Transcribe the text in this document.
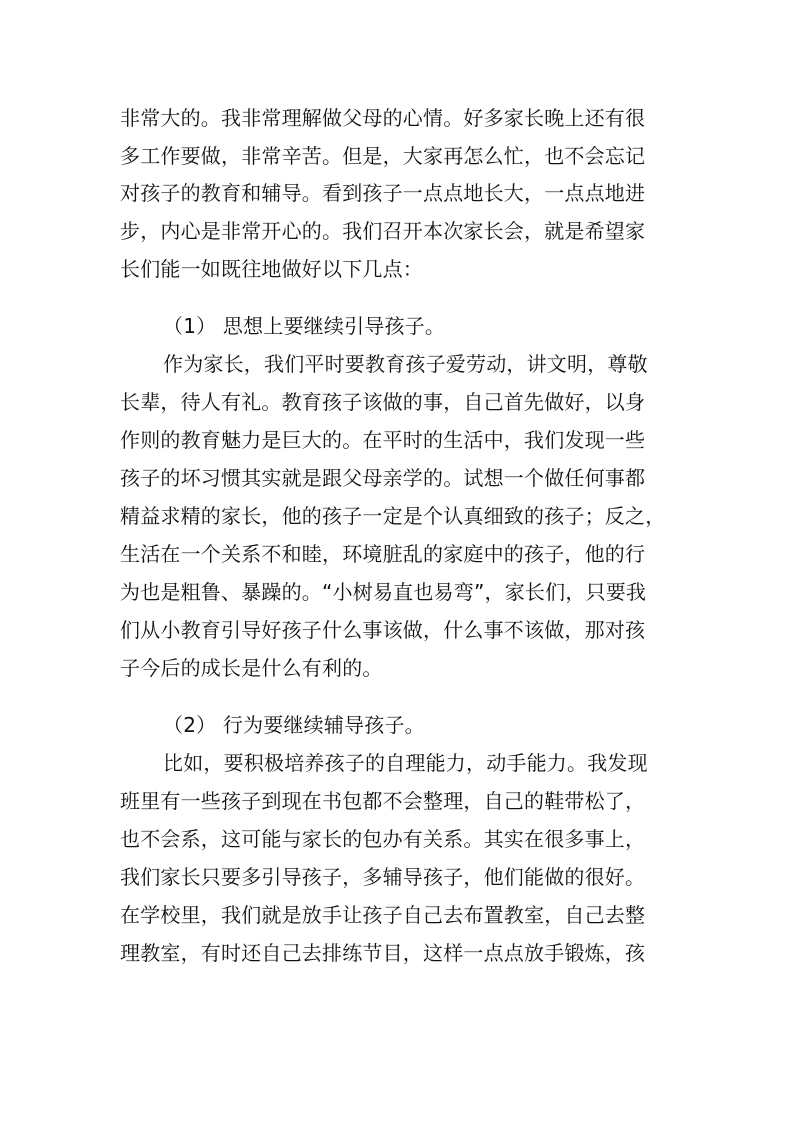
非常大的。我非常理解做父母的心情。好多家长晚上还有很
多工作要做，非常辛苦。但是，大家再怎么忙，也不会忘记
对孩子的教育和辅导。看到孩子一点点地长大，一点点地进
步，内心是非常开心的。我们召开本次家长会，就是希望家
长们能一如既往地做好以下几点：
（1） 思想上要继续引导孩子。
作为家长，我们平时要教育孩子爱劳动，讲文明，尊敬
长辈，待人有礼。教育孩子该做的事，自己首先做好，以身
作则的教育魅力是巨大的。在平时的生活中，我们发现一些
孩子的坏习惯其实就是跟父母亲学的。试想一个做任何事都
精益求精的家长，他的孩子一定是个认真细致的孩子；反之，
生活在一个关系不和睦，环境脏乱的家庭中的孩子，他的行
为也是粗鲁、暴躁的。“小树易直也易弯”，家长们，只要我
们从小教育引导好孩子什么事该做，什么事不该做，那对孩
子今后的成长是什么有利的。
（2） 行为要继续辅导孩子。
比如，要积极培养孩子的自理能力，动手能力。我发现
班里有一些孩子到现在书包都不会整理，自己的鞋带松了，
也不会系，这可能与家长的包办有关系。其实在很多事上，
我们家长只要多引导孩子，多辅导孩子，他们能做的很好。
在学校里，我们就是放手让孩子自己去布置教室，自己去整
理教室，有时还自己去排练节目，这样一点点放手锻炼，孩
